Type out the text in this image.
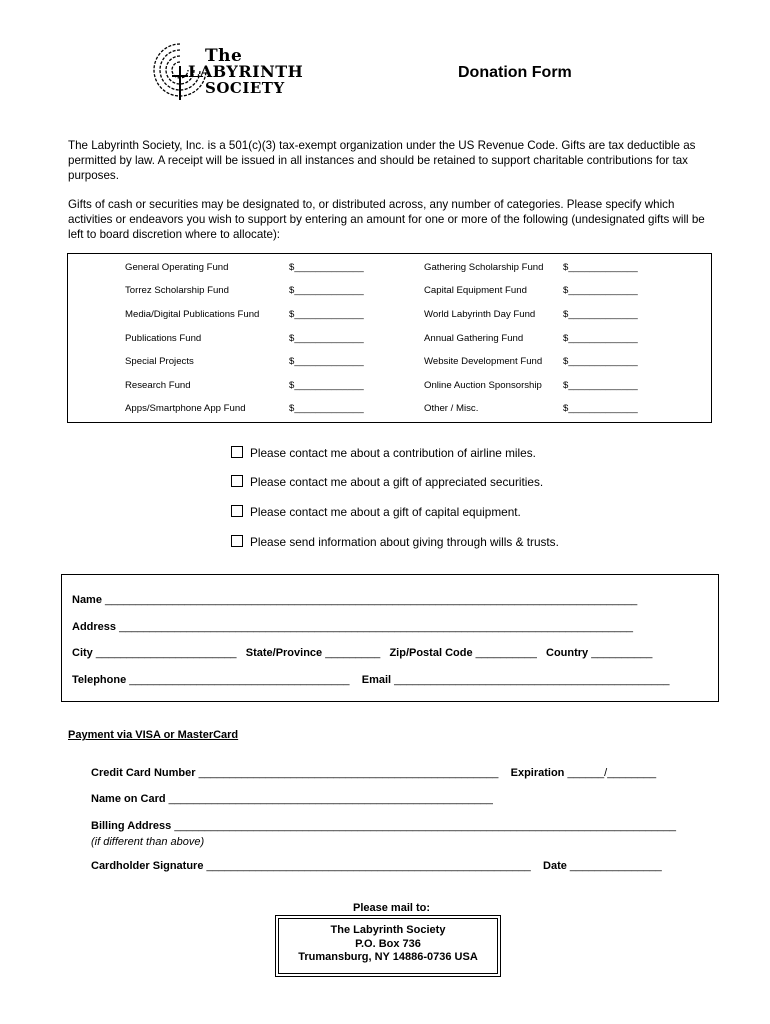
The
LABYRINTH
SOCIETY
Donation Form
The Labyrinth Society, Inc. is a 501(c)(3) tax-exempt organization under the US Revenue Code. Gifts are tax deductible as permitted by law. A receipt will be issued in all instances and should be retained to support charitable contributions for tax purposes.
Gifts of cash or securities may be designated to, or distributed across, any number of categories. Please specify which activities or endeavors you wish to support by entering an amount for one or more of the following (undesignated gifts will be left to board discretion where to allocate):
General Operating Fund	$_____________	Gathering Scholarship Fund $_____________
Torrez Scholarship Fund	$_____________	Capital Equipment Fund	$_____________
Media/Digital Publications Fund	$_____________	World Labyrinth Day Fund	$_____________
Publications Fund	$_____________	Annual Gathering Fund	$_____________
Special Projects	$_____________	Website Development Fund $_____________
Research Fund	$_____________	Online Auction Sponsorship $_____________
Apps/Smartphone App Fund	$_____________	Other / Misc.	$_____________
Please contact me about a contribution of airline miles.
Please contact me about a gift of appreciated securities.
Please contact me about a gift of capital equipment.
Please send information about giving through wills & trusts.
Name _______________________________________________________________________________________
Address ____________________________________________________________________________________
City _______________________ State/Province _________ Zip/Postal Code __________ Country __________
Telephone ____________________________________ Email _____________________________________________
Payment via VISA or MasterCard
Credit Card Number _________________________________________________ Expiration ______/________
Name on Card _____________________________________________________
Billing Address __________________________________________________________________________________
(if different than above)
Cardholder Signature _____________________________________________________ Date _______________
Please mail to:
The Labyrinth Society
P.O. Box 736
Trumansburg, NY 14886-0736 USA
